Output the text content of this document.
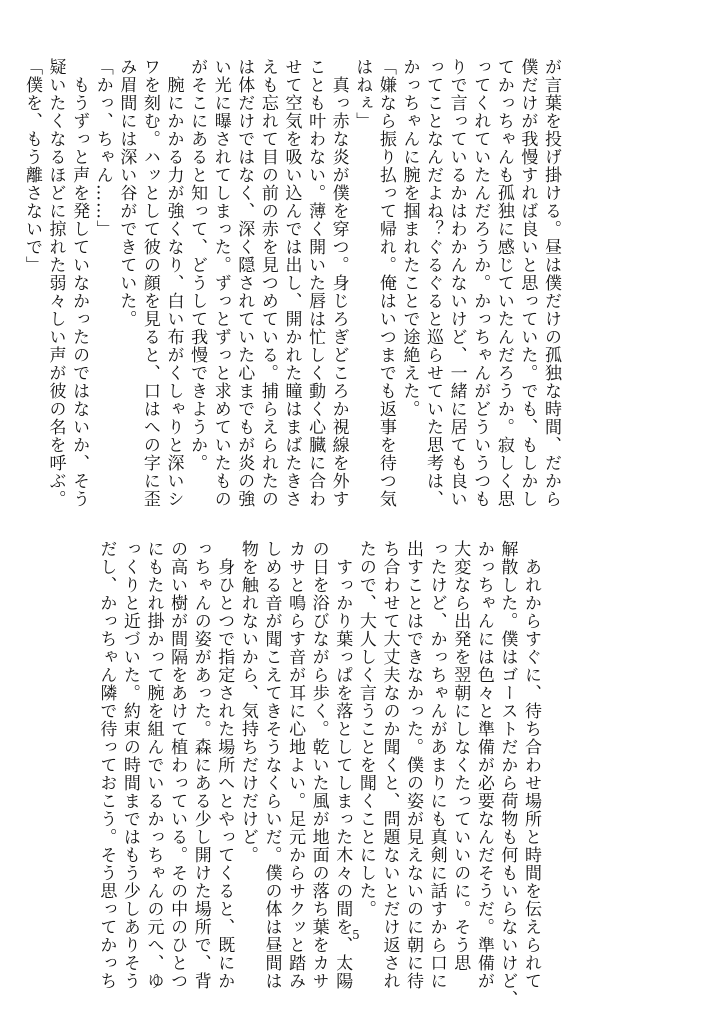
が言葉を投げ掛ける。昼は僕だけの孤独な時間、だから
僕だけが我慢すれば良いと思っていた。でも、もしかし
てかっちゃんも孤独に感じていたんだろうか。寂しく思
ってくれていたんだろうか。かっちゃんがどういうつも
りで言っているかはわかんないけど、一緒に居ても良い
ってことなんだよね？ぐるぐると巡らせていた思考は、
かっちゃんに腕を掴まれたことで途絶えた。
「嫌なら振り払って帰れ。俺はいつまでも返事を待つ気
はねぇ」
　真っ赤な炎が僕を穿つ。身じろぎどころか視線を外す
ことも叶わない。薄く開いた唇は忙しく動く心臓に合わ
せて空気を吸い込んでは出し、開かれた瞳はまばたきさ
えも忘れて目の前の赤を見つめている。捕らえられたの
は体だけではなく、深く隠されていた心までもが炎の強
い光に曝されてしまった。ずっとずっと求めていたもの
がそこにあると知って、どうして我慢できようか。
　腕にかかる力が強くなり、白い布がくしゃりと深いシ
ワを刻む。ハッとして彼の顔を見ると、口はへの字に歪
み眉間には深い谷ができていた。
「かっ、ちゃん……」
　もうずっと声を発していなかったのではないか、そう
疑いたくなるほどに掠れた弱々しい声が彼の名を呼ぶ。
「僕を、もう離さないで」
　あれからすぐに、待ち合わせ場所と時間を伝えられて
解散した。僕はゴーストだから荷物も何もいらないけど、
かっちゃんには色々と準備が必要なんだそうだ。準備が
大変なら出発を翌朝にしなくたっていいのに。そう思
ったけど、かっちゃんがあまりにも真剣に話すから口に
出すことはできなかった。僕の姿が見えないのに朝に待
ち合わせて大丈夫なのか聞くと、問題ないとだけ返され
たので、大人しく言うことを聞くことにした。
　すっかり葉っぱを落としてしまった木々の間を、太陽
の日を浴びながら歩く。乾いた風が地面の落ち葉をカサ
カサと鳴らす音が耳に心地よい。足元からサクッと踏み
しめる音が聞こえてきそうなくらいだ。僕の体は昼間は
物を触れないから、気持ちだけだけど。
　身ひとつで指定された場所へとやってくると、既にか
っちゃんの姿があった。森にある少し開けた場所で、背
の高い樹が間隔をあけて植わっている。その中のひとつ
にもたれ掛かって腕を組んでいるかっちゃんの元へ、ゆ
っくりと近づいた。約束の時間まではもう少しありそう
だし、かっちゃん隣で待っておこう。そう思ってかっち	5
